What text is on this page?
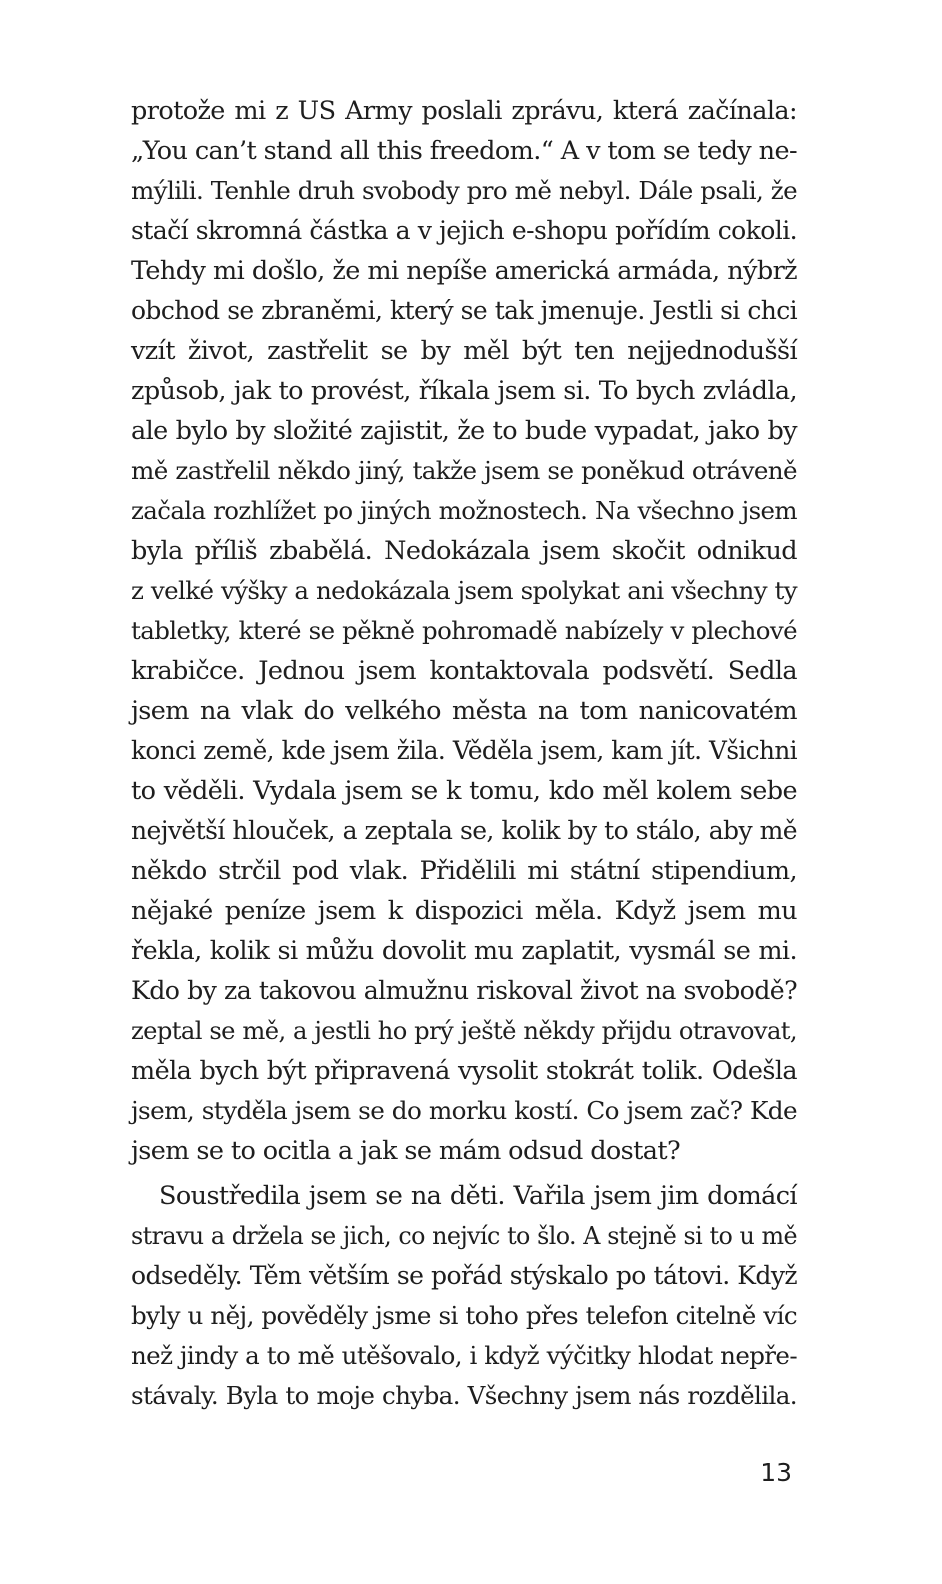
protože mi z US Army poslali zprávu, která začínala:
„You can’t stand all this freedom.“ A v tom se tedy ne-
mýlili. Tenhle druh svobody pro mě nebyl. Dále psali, že
stačí skromná částka a v jejich e-shopu pořídím cokoli.
Tehdy mi došlo, že mi nepíše americká armáda, nýbrž
obchod se zbraněmi, který se tak jmenuje. Jestli si chci
vzít život, zastřelit se by měl být ten nejjednodušší
způsob, jak to provést, říkala jsem si. To bych zvládla,
ale bylo by složité zajistit, že to bude vypadat, jako by
mě zastřelil někdo jiný, takže jsem se poněkud otráveně
začala rozhlížet po jiných možnostech. Na všechno jsem
byla příliš zbabělá. Nedokázala jsem skočit odnikud
z velké výšky a nedokázala jsem spolykat ani všechny ty
tabletky, které se pěkně pohromadě nabízely v plechové
krabičce. Jednou jsem kontaktovala podsvětí. Sedla
jsem na vlak do velkého města na tom nanicovatém
konci země, kde jsem žila. Věděla jsem, kam jít. Všichni
to věděli. Vydala jsem se k tomu, kdo měl kolem sebe
největší hlouček, a zeptala se, kolik by to stálo, aby mě
někdo strčil pod vlak. Přidělili mi státní stipendium,
nějaké peníze jsem k dispozici měla. Když jsem mu
řekla, kolik si můžu dovolit mu zaplatit, vysmál se mi.
Kdo by za takovou almužnu riskoval život na svobodě?
zeptal se mě, a jestli ho prý ještě někdy přijdu otravovat,
měla bych být připravená vysolit stokrát tolik. Odešla
jsem, styděla jsem se do morku kostí. Co jsem zač? Kde
jsem se to ocitla a jak se mám odsud dostat?

Soustředila jsem se na děti. Vařila jsem jim domácí
stravu a držela se jich, co nejvíc to šlo. A stejně si to u mě
odseděly. Těm větším se pořád stýskalo po tátovi. Když
byly u něj, pověděly jsme si toho přes telefon citelně víc
než jindy a to mě utěšovalo, i když výčitky hlodat nepře-
stávaly. Byla to moje chyba. Všechny jsem nás rozdělila.

13
